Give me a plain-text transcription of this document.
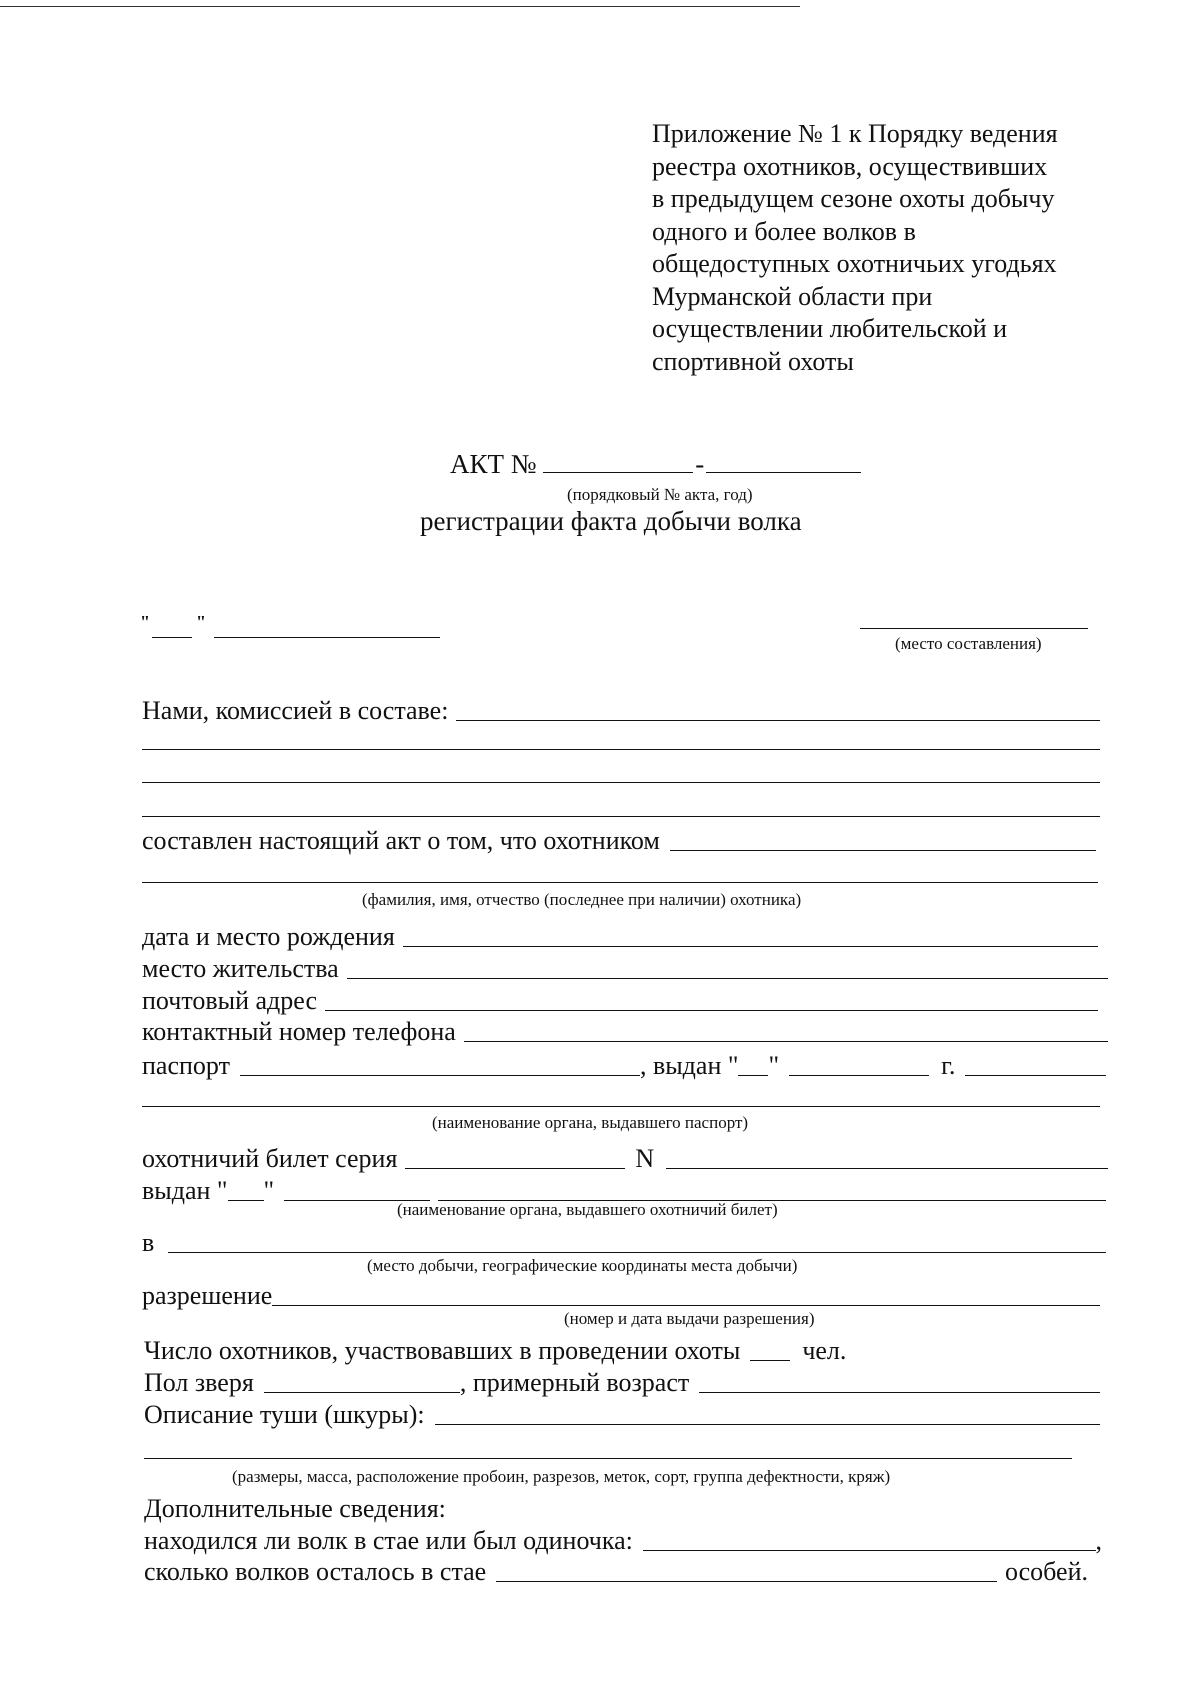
Приложение № 1 к Порядку ведения
реестра охотников, осуществивших
в предыдущем сезоне охоты добычу
одного и более волков в
общедоступных охотничьих угодьях
Мурманской области при
осуществлении любительской и
спортивной охоты
АКТ №	-
(порядковый № акта, год)
регистрации факта добычи волка
"	"
(место составления)
Нами, комиссией в составе:
составлен настоящий акт о том, что охотником
(фамилия, имя, отчество (последнее при наличии) охотника)
дата и место рождения
место жительства
почтовый адрес
контактный номер телефона
паспорт	, выдан " "	г.
(наименование органа, выдавшего паспорт)
охотничий билет серия	N
выдан " "
(наименование органа, выдавшего охотничий билет)
в
(место добычи, географические координаты места добычи)
разрешение
(номер и дата выдачи разрешения)
Число охотников, участвовавших в проведении охоты чел.
Пол зверя	, примерный возраст
Описание туши (шкуры):
(размеры, масса, расположение пробоин, разрезов, меток, сорт, группа дефектности, кряж)
Дополнительные сведения:
находился ли волк в стае или был одиночка:	,
сколько волков осталось в стае	особей.
